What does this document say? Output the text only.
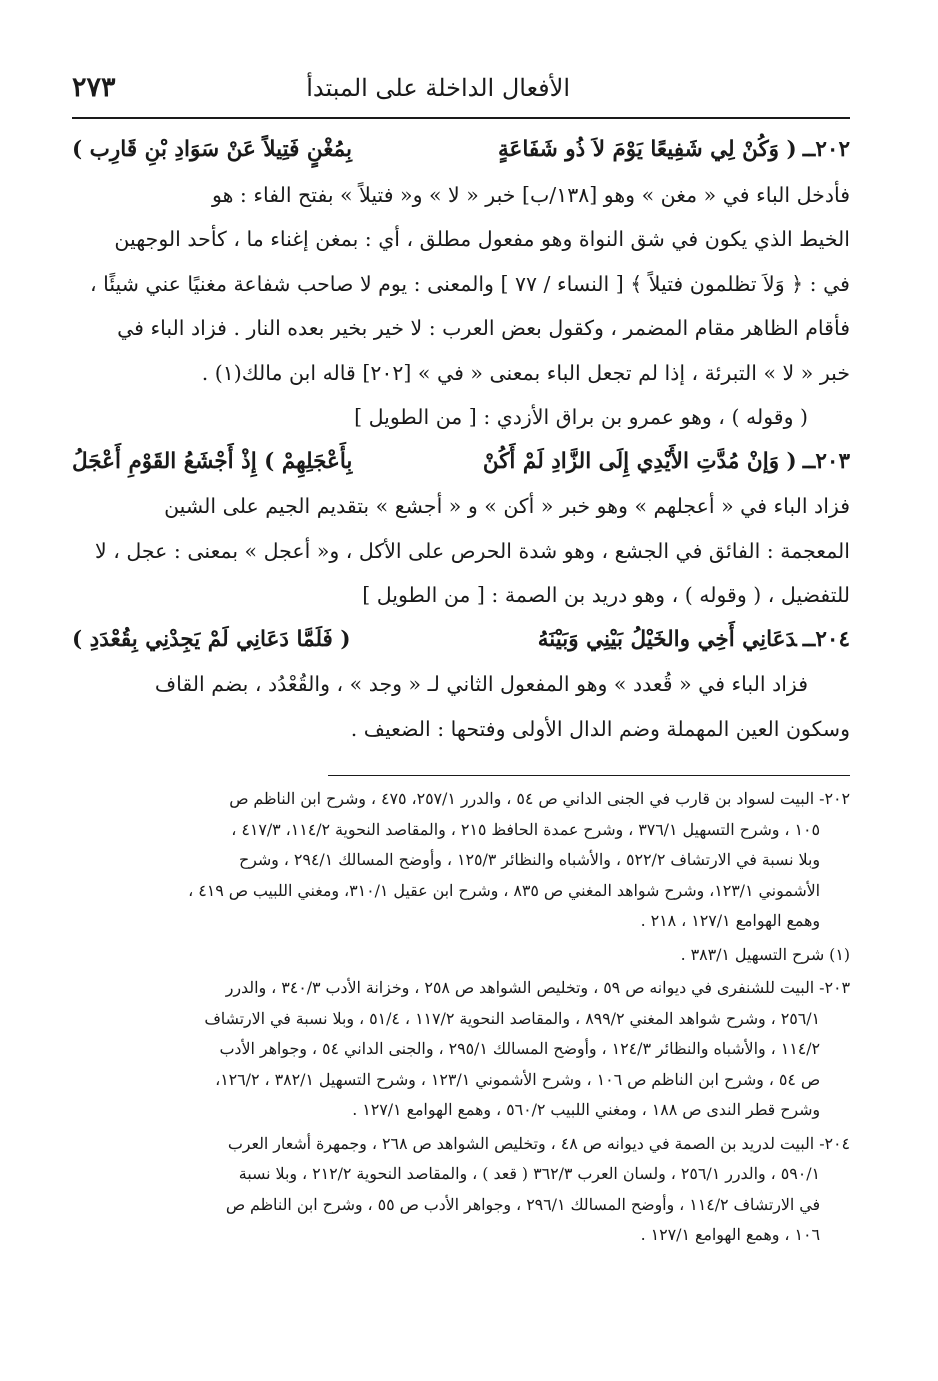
٢٧٣	الأفعال الداخلة على المبتدأ
٢٠٢ــ( وَكُنْ لِي شَفِيعًا يَوْمَ لاَ ذُو شَفَاعَةٍ
بِمُغْنٍ فَتِيلاً عَنْ سَوَادِ بْنِ قَارِب )
فأدخل الباء في « مغن » وهو [١٣٨/ب] خبر « لا » و« فتيلاً » بفتح الفاء : هو
الخيط الذي يكون في شق النواة وهو مفعول مطلق ، أي : بمغن إغناء ما ، كأحد الوجهين
في : ﴿ وَلاَ تظلمون فتيلاً ﴾ [ النساء / ٧٧ ] والمعنى : يوم لا صاحب شفاعة مغنيًا عني شيئًا ،
فأقام الظاهر مقام المضمر ، وكقول بعض العرب : لا خير بخير بعده النار . فزاد الباء في
خبر « لا » التبرئة ، إذا لم تجعل الباء بمعنى « في » [٢٠٢] قاله ابن مالك(١) .
( وقوله ) ، وهو عمرو بن براق الأزدي : [ من الطويل ]
٢٠٣ــ( وَإنْ مُدَّتِ الأَيْدِي إِلَى الزَّادِ لَمْ أَكُنْ
بِأَعْجَلِهِمْ ) إِذْ أَجْشَعُ القَوْمِ أَعْجَلُ
فزاد الباء في « أعجلهم » وهو خبر « أكن » و « أجشع » بتقديم الجيم على الشين
المعجمة : الفائق في الجشع ، وهو شدة الحرص على الأكل ، و« أعجل » بمعنى : عجل ، لا
للتفضيل ، ( وقوله ) ، وهو دريد بن الصمة : [ من الطويل ]
٢٠٤ــدَعَانِي أَخِي والخَيْلُ بَيْنِي وَبَيْنَهُ
( فَلَمَّا دَعَانِي لَمْ يَجِدْنِي بِقُعْدَدِ )
فزاد الباء في « قُعدد » وهو المفعول الثاني لـ « وجد » ، والقُعْدُد ، بضم القاف
وسكون العين المهملة وضم الدال الأولى وفتحها : الضعيف .
٢٠٢- البيت لسواد بن قارب في الجنى الداني ص ٥٤ ، والدرر ٢٥٧/١، ٤٧٥ ، وشرح ابن الناظم ص
١٠٥ ، وشرح التسهيل ٣٧٦/١ ، وشرح عمدة الحافظ ٢١٥ ، والمقاصد النحوية ١١٤/٢، ٤١٧/٣ ،
وبلا نسبة في الارتشاف ٥٢٢/٢ ، والأشباه والنظائر ١٢٥/٣ ، وأوضح المسالك ٢٩٤/١ ، وشرح
الأشموني ١٢٣/١، وشرح شواهد المغني ص ٨٣٥ ، وشرح ابن عقيل ٣١٠/١، ومغني اللبيب ص ٤١٩ ،
وهمع الهوامع ١٢٧/١ ، ٢١٨ .
(١) شرح التسهيل ٣٨٣/١ .
٢٠٣- البيت للشنفرى في ديوانه ص ٥٩ ، وتخليص الشواهد ص ٢٥٨ ، وخزانة الأدب ٣٤٠/٣ ، والدرر
٢٥٦/١ ، وشرح شواهد المغني ٨٩٩/٢ ، والمقاصد النحوية ١١٧/٢ ، ٥١/٤ ، وبلا نسبة في الارتشاف
١١٤/٢ ، والأشباه والنظائر ١٢٤/٣ ، وأوضح المسالك ٢٩٥/١ ، والجنى الداني ٥٤ ، وجواهر الأدب
ص ٥٤ ، وشرح ابن الناظم ص ١٠٦ ، وشرح الأشموني ١٢٣/١ ، وشرح التسهيل ٣٨٢/١ ، ١٢٦/٢،
وشرح قطر الندى ص ١٨٨ ، ومغني اللبيب ٥٦٠/٢ ، وهمع الهوامع ١٢٧/١ .
٢٠٤- البيت لدريد بن الصمة في ديوانه ص ٤٨ ، وتخليص الشواهد ص ٢٦٨ ، وجمهرة أشعار العرب
٥٩٠/١ ، والدرر ٢٥٦/١ ، ولسان العرب ٣٦٢/٣ ( قعد ) ، والمقاصد النحوية ٢١٢/٢ ، وبلا نسبة
في الارتشاف ١١٤/٢ ، وأوضح المسالك ٢٩٦/١ ، وجواهر الأدب ص ٥٥ ، وشرح ابن الناظم ص
١٠٦ ، وهمع الهوامع ١٢٧/١ .
